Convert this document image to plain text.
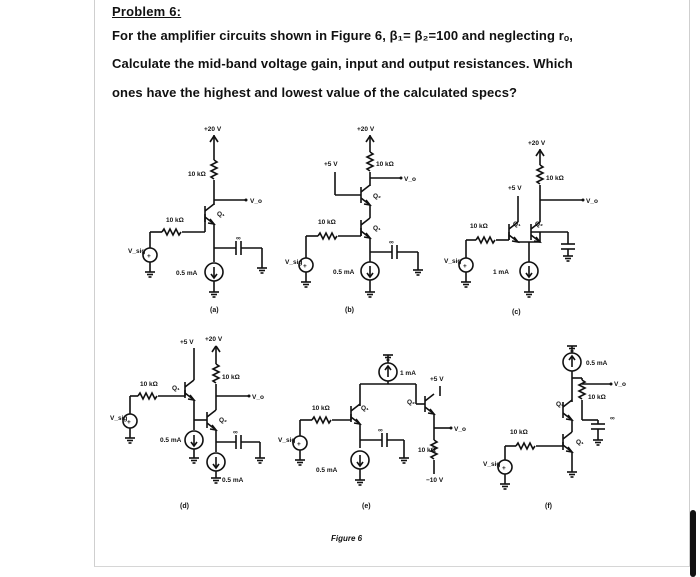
Problem 6:
For the amplifier circuits shown in Figure 6, β₁= β₂=100 and neglecting rₒ,
Calculate the mid-band voltage gain, input and output resistances. Which
ones have the highest and lowest value of the calculated specs?
+20 V
10 kΩ
V_o
Q₁
∞
0.5 mA
10 kΩ
V_sig
(a)
+20 V
10 kΩ
V_o
Q₂
+5 V
Q₁
∞
0.5 mA
10 kΩ
V_sig
(b)
+20 V
10 kΩ
V_o
+5 V
Q₁ Q₂
1 mA
10 kΩ
V_sig
(c)
+5 V +20 V
10 kΩ
V_o
Q₁
Q₂
∞
0.5 mA
0.5 mA
10 kΩ
V_sig
(d)
1 mA
+5 V
Q₂
V_o
10 kΩ
−10 V
Q₁
∞
0.5 mA
10 kΩ
V_sig
(e)
0.5 mA
10 kΩ
V_o
Q₂
∞
Q₁
10 kΩ
V_sig
(f)
Figure 6
